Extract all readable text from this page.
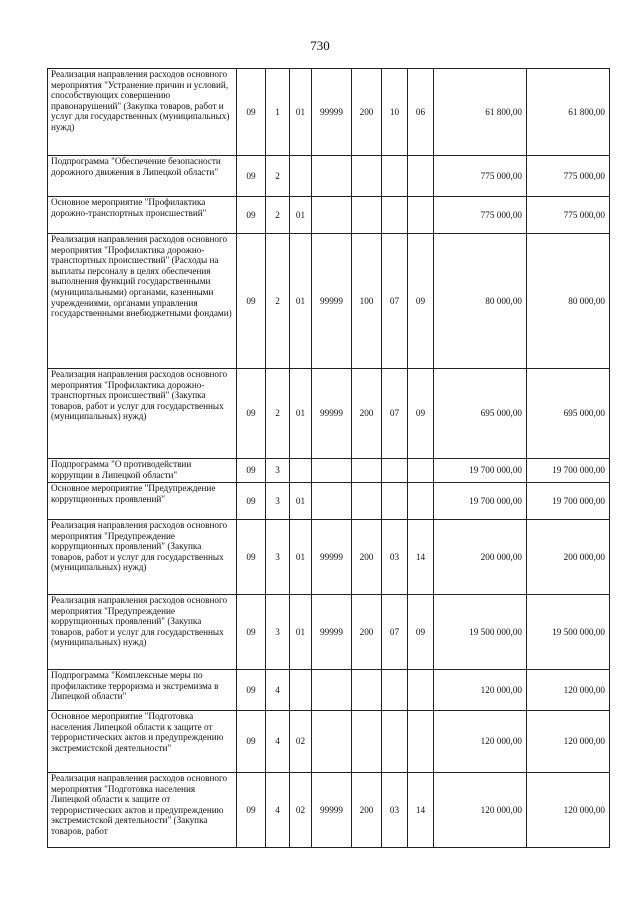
730
Реализация направления расходов основного мероприятия "Устранение причин и условий, способствующих совершению правонарушений" (Закупка товаров, работ и услуг для государственных (муниципальных) нужд)	09	1	01	99999	200	10	06	61 800,00	61 800,00
Подпрограмма "Обеспечение безопасности дорожного движения в Липецкой области"	09	2						775 000,00	775 000,00
Основное мероприятие "Профилактика дорожно-транспортных происшествий"	09	2	01					775 000,00	775 000,00
Реализация направления расходов основного мероприятия "Профилактика дорожно-транспортных происшествий" (Расходы на выплаты персоналу в целях обеспечения выполнения функций государственными (муниципальными) органами, казенными учреждениями, органами управления государственными внебюджетными фондами)	09	2	01	99999	100	07	09	80 000,00	80 000,00
Реализация направления расходов основного мероприятия "Профилактика дорожно-транспортных происшествий" (Закупка товаров, работ и услуг для государственных (муниципальных) нужд)	09	2	01	99999	200	07	09	695 000,00	695 000,00
Подпрограмма "О противодействии коррупции в Липецкой области"	09	3						19 700 000,00	19 700 000,00
Основное мероприятие "Предупреждение коррупционных проявлений"	09	3	01					19 700 000,00	19 700 000,00
Реализация направления расходов основного мероприятия "Предупреждение коррупционных проявлений" (Закупка товаров, работ и услуг для государственных (муниципальных) нужд)	09	3	01	99999	200	03	14	200 000,00	200 000,00
Реализация направления расходов основного мероприятия "Предупреждение коррупционных проявлений" (Закупка товаров, работ и услуг для государственных (муниципальных) нужд)	09	3	01	99999	200	07	09	19 500 000,00	19 500 000,00
Подпрограмма "Комплексные меры по профилактике терроризма и экстремизма в Липецкой области"	09	4						120 000,00	120 000,00
Основное мероприятие "Подготовка населения Липецкой области к защите от террористических актов и предупреждению экстремистской деятельности"	09	4	02					120 000,00	120 000,00
Реализация направления расходов основного мероприятия "Подготовка населения Липецкой области к защите от террористических актов и предупреждению экстремистской деятельности" (Закупка товаров, работ	09	4	02	99999	200	03	14	120 000,00	120 000,00
